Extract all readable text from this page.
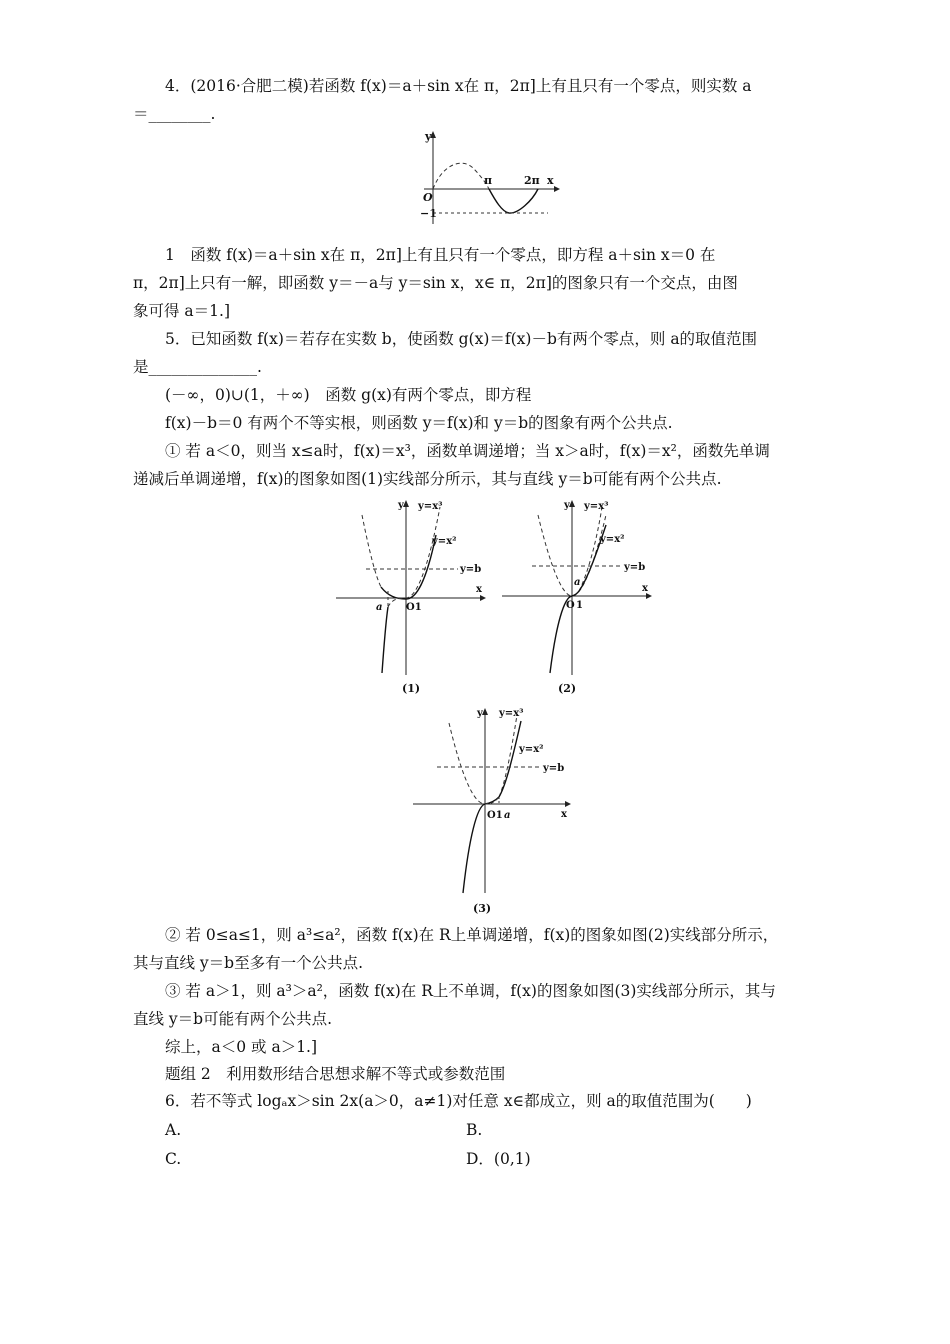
4．(2016·合肥二模)若函数 f(x)＝a＋sin x在 π，2π]上有且只有一个零点，则实数 a
＝________.
y
x
O
π	2π
−1
1　函数 f(x)＝a＋sin x在 π，2π]上有且只有一个零点，即方程 a＋sin x＝0 在
π，2π]上只有一解，即函数 y＝－a与 y＝sin x，x∈ π，2π]的图象只有一个交点，由图
象可得 a＝1.]
5．已知函数 f(x)＝若存在实数 b，使函数 g(x)＝f(x)－b有两个零点，则 a的取值范围
是______________.
(－∞，0)∪(1，＋∞)　函数 g(x)有两个零点，即方程
f(x)－b＝0 有两个不等实根，则函数 y＝f(x)和 y＝b的图象有两个公共点.
① 若 a＜0，则当 x≤a时，f(x)＝x³，函数单调递增；当 x＞a时，f(x)＝x²，函数先单调
递减后单调递增，f(x)的图象如图(1)实线部分所示，其与直线 y＝b可能有两个公共点.
y y=x³
y=x²
y=b
a O1
x
(1)
y y=x³
y=x²
y=b
a
O 1
x
(2)
y y=x³
y=x²
y=b
O1 a	x
(3)
② 若 0≤a≤1，则 a³≤a²，函数 f(x)在 R上单调递增，f(x)的图象如图(2)实线部分所示，
其与直线 y＝b至多有一个公共点.
③ 若 a＞1，则 a³＞a²，函数 f(x)在 R上不单调，f(x)的图象如图(3)实线部分所示，其与
直线 y＝b可能有两个公共点.
综上，a＜0 或 a＞1.]
题组 2　利用数形结合思想求解不等式或参数范围
6．若不等式 logₐx＞sin 2x(a＞0，a≠1)对任意 x∈都成立，则 a的取值范围为(　　)
A.	B.
C.	D．(0,1)
